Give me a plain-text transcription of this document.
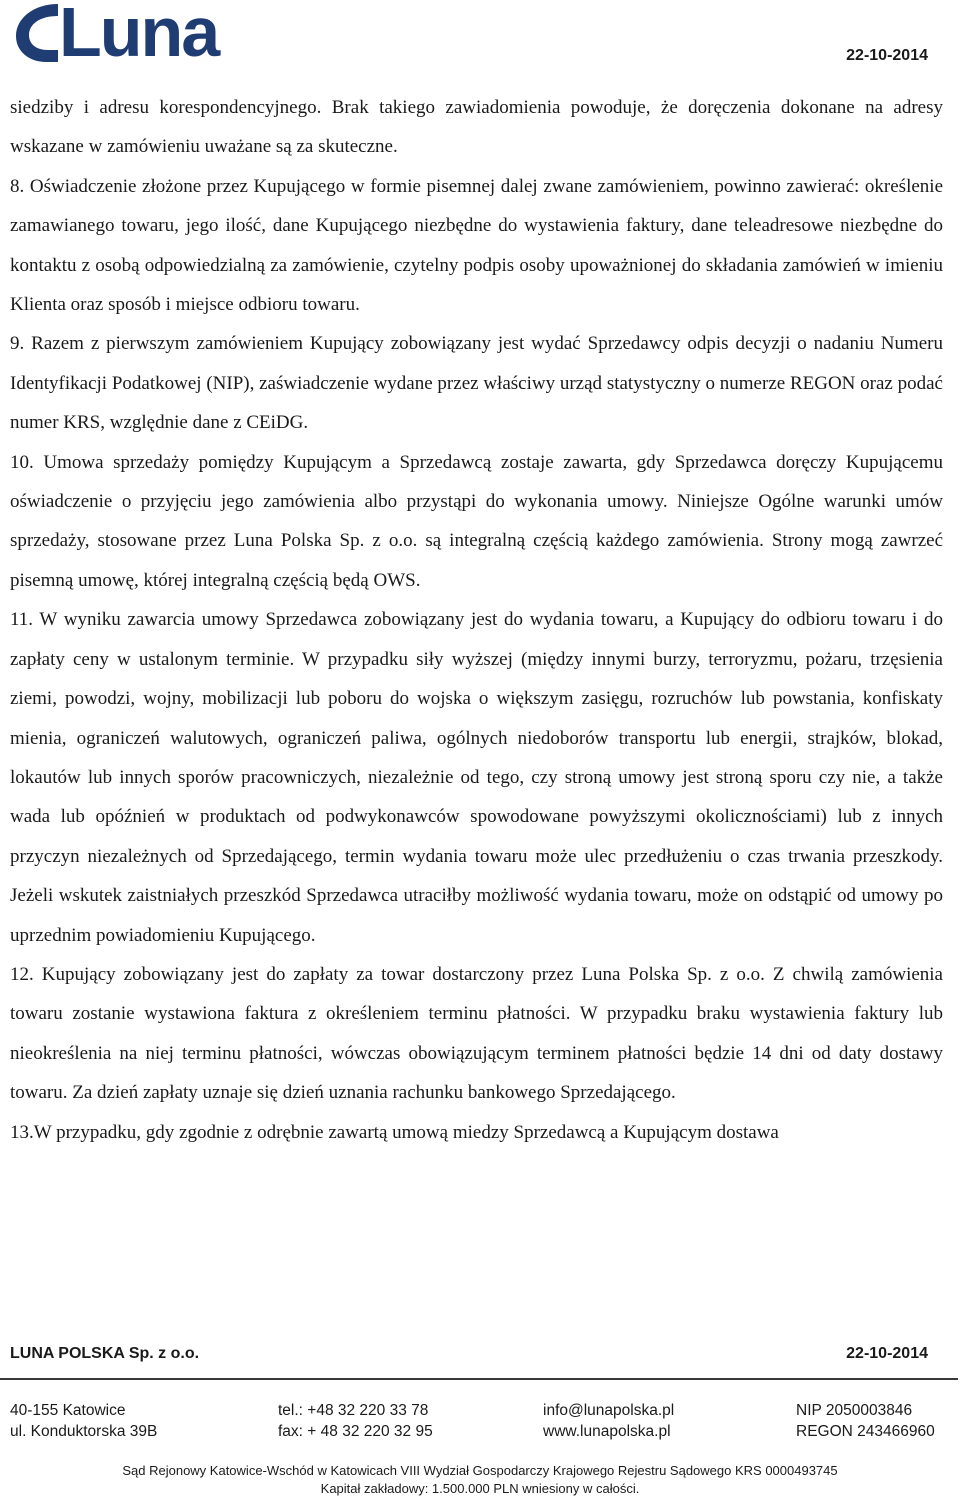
Luna	22-10-2014

siedziby i adresu korespondencyjnego. Brak takiego zawiadomienia powoduje, że doręczenia dokonane na adresy wskazane w zamówieniu uważane są za skuteczne.

8. Oświadczenie złożone przez Kupującego w formie pisemnej dalej zwane zamówieniem, powinno zawierać: określenie zamawianego towaru, jego ilość, dane Kupującego niezbędne do wystawienia faktury, dane teleadresowe niezbędne do kontaktu z osobą odpowiedzialną za zamówienie, czytelny podpis osoby upoważnionej do składania zamówień w imieniu Klienta oraz sposób i miejsce odbioru towaru.

9. Razem z pierwszym zamówieniem Kupujący zobowiązany jest wydać Sprzedawcy odpis decyzji o nadaniu Numeru Identyfikacji Podatkowej (NIP), zaświadczenie wydane przez właściwy urząd statystyczny o numerze REGON oraz podać numer KRS, względnie dane z CEiDG.

10. Umowa sprzedaży pomiędzy Kupującym a Sprzedawcą zostaje zawarta, gdy Sprzedawca doręczy Kupującemu oświadczenie o przyjęciu jego zamówienia albo przystąpi do wykonania umowy. Niniejsze Ogólne warunki umów sprzedaży, stosowane przez Luna Polska Sp. z o.o. są integralną częścią każdego zamówienia. Strony mogą zawrzeć pisemną umowę, której integralną częścią będą OWS.

11. W wyniku zawarcia umowy Sprzedawca zobowiązany jest do wydania towaru, a Kupujący do odbioru towaru i do zapłaty ceny w ustalonym terminie. W przypadku siły wyższej (między innymi burzy, terroryzmu, pożaru, trzęsienia ziemi, powodzi, wojny, mobilizacji lub poboru do wojska o większym zasięgu, rozruchów lub powstania, konfiskaty mienia, ograniczeń walutowych, ograniczeń paliwa, ogólnych niedoborów transportu lub energii, strajków, blokad, lokautów lub innych sporów pracowniczych, niezależnie od tego, czy stroną umowy jest stroną sporu czy nie, a także wada lub opóźnień w produktach od podwykonawców spowodowane powyższymi okolicznościami) lub z innych przyczyn niezależnych od Sprzedającego, termin wydania towaru może ulec przedłużeniu o czas trwania przeszkody. Jeżeli wskutek zaistniałych przeszkód Sprzedawca utraciłby możliwość wydania towaru, może on odstąpić od umowy po uprzednim powiadomieniu Kupującego.

12. Kupujący zobowiązany jest do zapłaty za towar dostarczony przez Luna Polska Sp. z o.o. Z chwilą zamówienia towaru zostanie wystawiona faktura z określeniem terminu płatności. W przypadku braku wystawienia faktury lub nieokreślenia na niej terminu płatności, wówczas obowiązującym terminem płatności będzie 14 dni od daty dostawy towaru. Za dzień zapłaty uznaje się dzień uznania rachunku bankowego Sprzedającego.

13.W przypadku, gdy zgodnie z odrębnie zawartą umową miedzy Sprzedawcą a Kupującym dostawa

LUNA POLSKA Sp. z o.o.	22-10-2014
40-155 Katowice
ul. Konduktorska 39B
tel.: +48 32 220 33 78
fax: + 48 32 220 32 95
info@lunapolska.pl
www.lunapolska.pl
NIP 2050003846
REGON 243466960
Sąd Rejonowy Katowice-Wschód w Katowicach VIII Wydział Gospodarczy Krajowego Rejestru Sądowego KRS 0000493745
Kapitał zakładowy: 1.500.000 PLN wniesiony w całości.
